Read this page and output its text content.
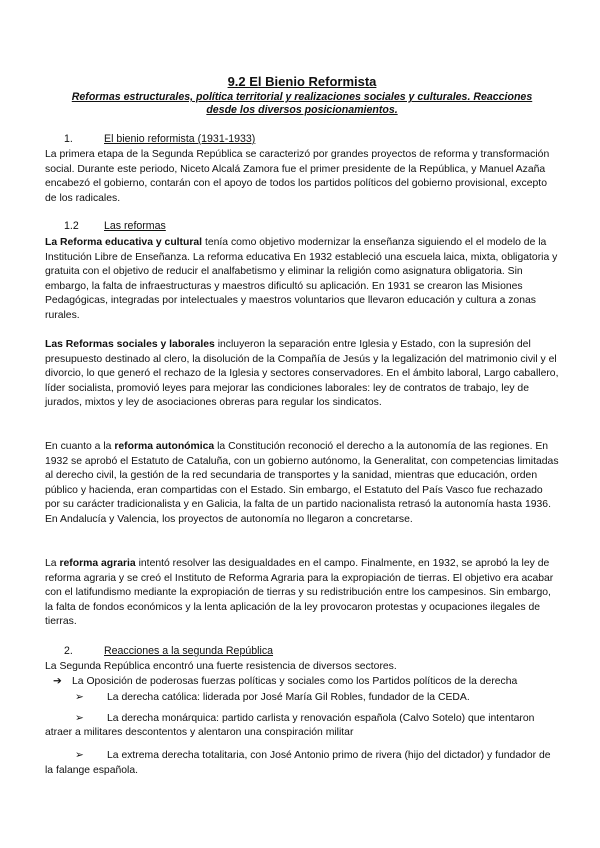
9.2 El Bienio Reformista
Reformas estructurales, política territorial y realizaciones sociales y culturales. Reacciones
desde los diversos posicionamientos.
1.	El bienio reformista (1931-1933)

La primera etapa de la Segunda República se caracterizó por grandes proyectos de reforma y transformación social. Durante este periodo, Niceto Alcalá Zamora fue el primer presidente de la República, y Manuel Azaña encabezó el gobierno, contarán con el apoyo de todos los partidos políticos del gobierno provisional, excepto de los radicales.

1.2 Las reformas

La Reforma educativa y cultural tenía como objetivo modernizar la enseñanza siguiendo el el modelo de la Institución Libre de Enseñanza. La reforma educativa En 1932 estableció una escuela laica, mixta, obligatoria y gratuita con el objetivo de reducir el analfabetismo y eliminar la religión como asignatura obligatoria. Sin embargo, la falta de infraestructuras y maestros dificultó su aplicación. En 1931 se crearon las Misiones Pedagógicas, integradas por intelectuales y maestros voluntarios que llevaron educación y cultura a zonas rurales.

Las Reformas sociales y laborales incluyeron la separación entre Iglesia y Estado, con la supresión del presupuesto destinado al clero, la disolución de la Compañía de Jesús y la legalización del matrimonio civil y el divorcio, lo que generó el rechazo de la Iglesia y sectores conservadores. En el ámbito laboral, Largo caballero, líder socialista, promovió leyes para mejorar las condiciones laborales: ley de contratos de trabajo, ley de jurados, mixtos y ley de asociaciones obreras para regular los sindicatos.

En cuanto a la reforma autonómica la Constitución reconoció el derecho a la autonomía de las regiones. En 1932 se aprobó el Estatuto de Cataluña, con un gobierno autónomo, la Generalitat, con competencias limitadas al derecho civil, la gestión de la red secundaria de transportes y la sanidad, mientras que educación, orden público y hacienda, eran compartidas con el Estado. Sin embargo, el Estatuto del País Vasco fue rechazado por su carácter tradicionalista y en Galicia, la falta de un partido nacionalista retrasó la autonomía hasta 1936. En Andalucía y Valencia, los proyectos de autonomía no llegaron a concretarse.

La reforma agraria intentó resolver las desigualdades en el campo. Finalmente, en 1932, se aprobó la ley de reforma agraria y se creó el Instituto de Reforma Agraria para la expropiación de tierras. El objetivo era acabar con el latifundismo mediante la expropiación de tierras y su redistribución entre los campesinos. Sin embargo, la falta de fondos económicos y la lenta aplicación de la ley provocaron protestas y ocupaciones ilegales de tierras.

2.	Reacciones a la segunda República
La Segunda República encontró una fuerte resistencia de diversos sectores.
➔ La Oposición de poderosas fuerzas políticas y sociales como los Partidos políticos de la derecha
➢ La derecha católica: liderada por José María Gil Robles, fundador de la CEDA.
➢ La derecha monárquica: partido carlista y renovación española (Calvo Sotelo) que intentaron atraer a militares descontentos y alentaron una conspiración militar
➢ La extrema derecha totalitaria, con José Antonio primo de rivera (hijo del dictador) y fundador de la falange española.
